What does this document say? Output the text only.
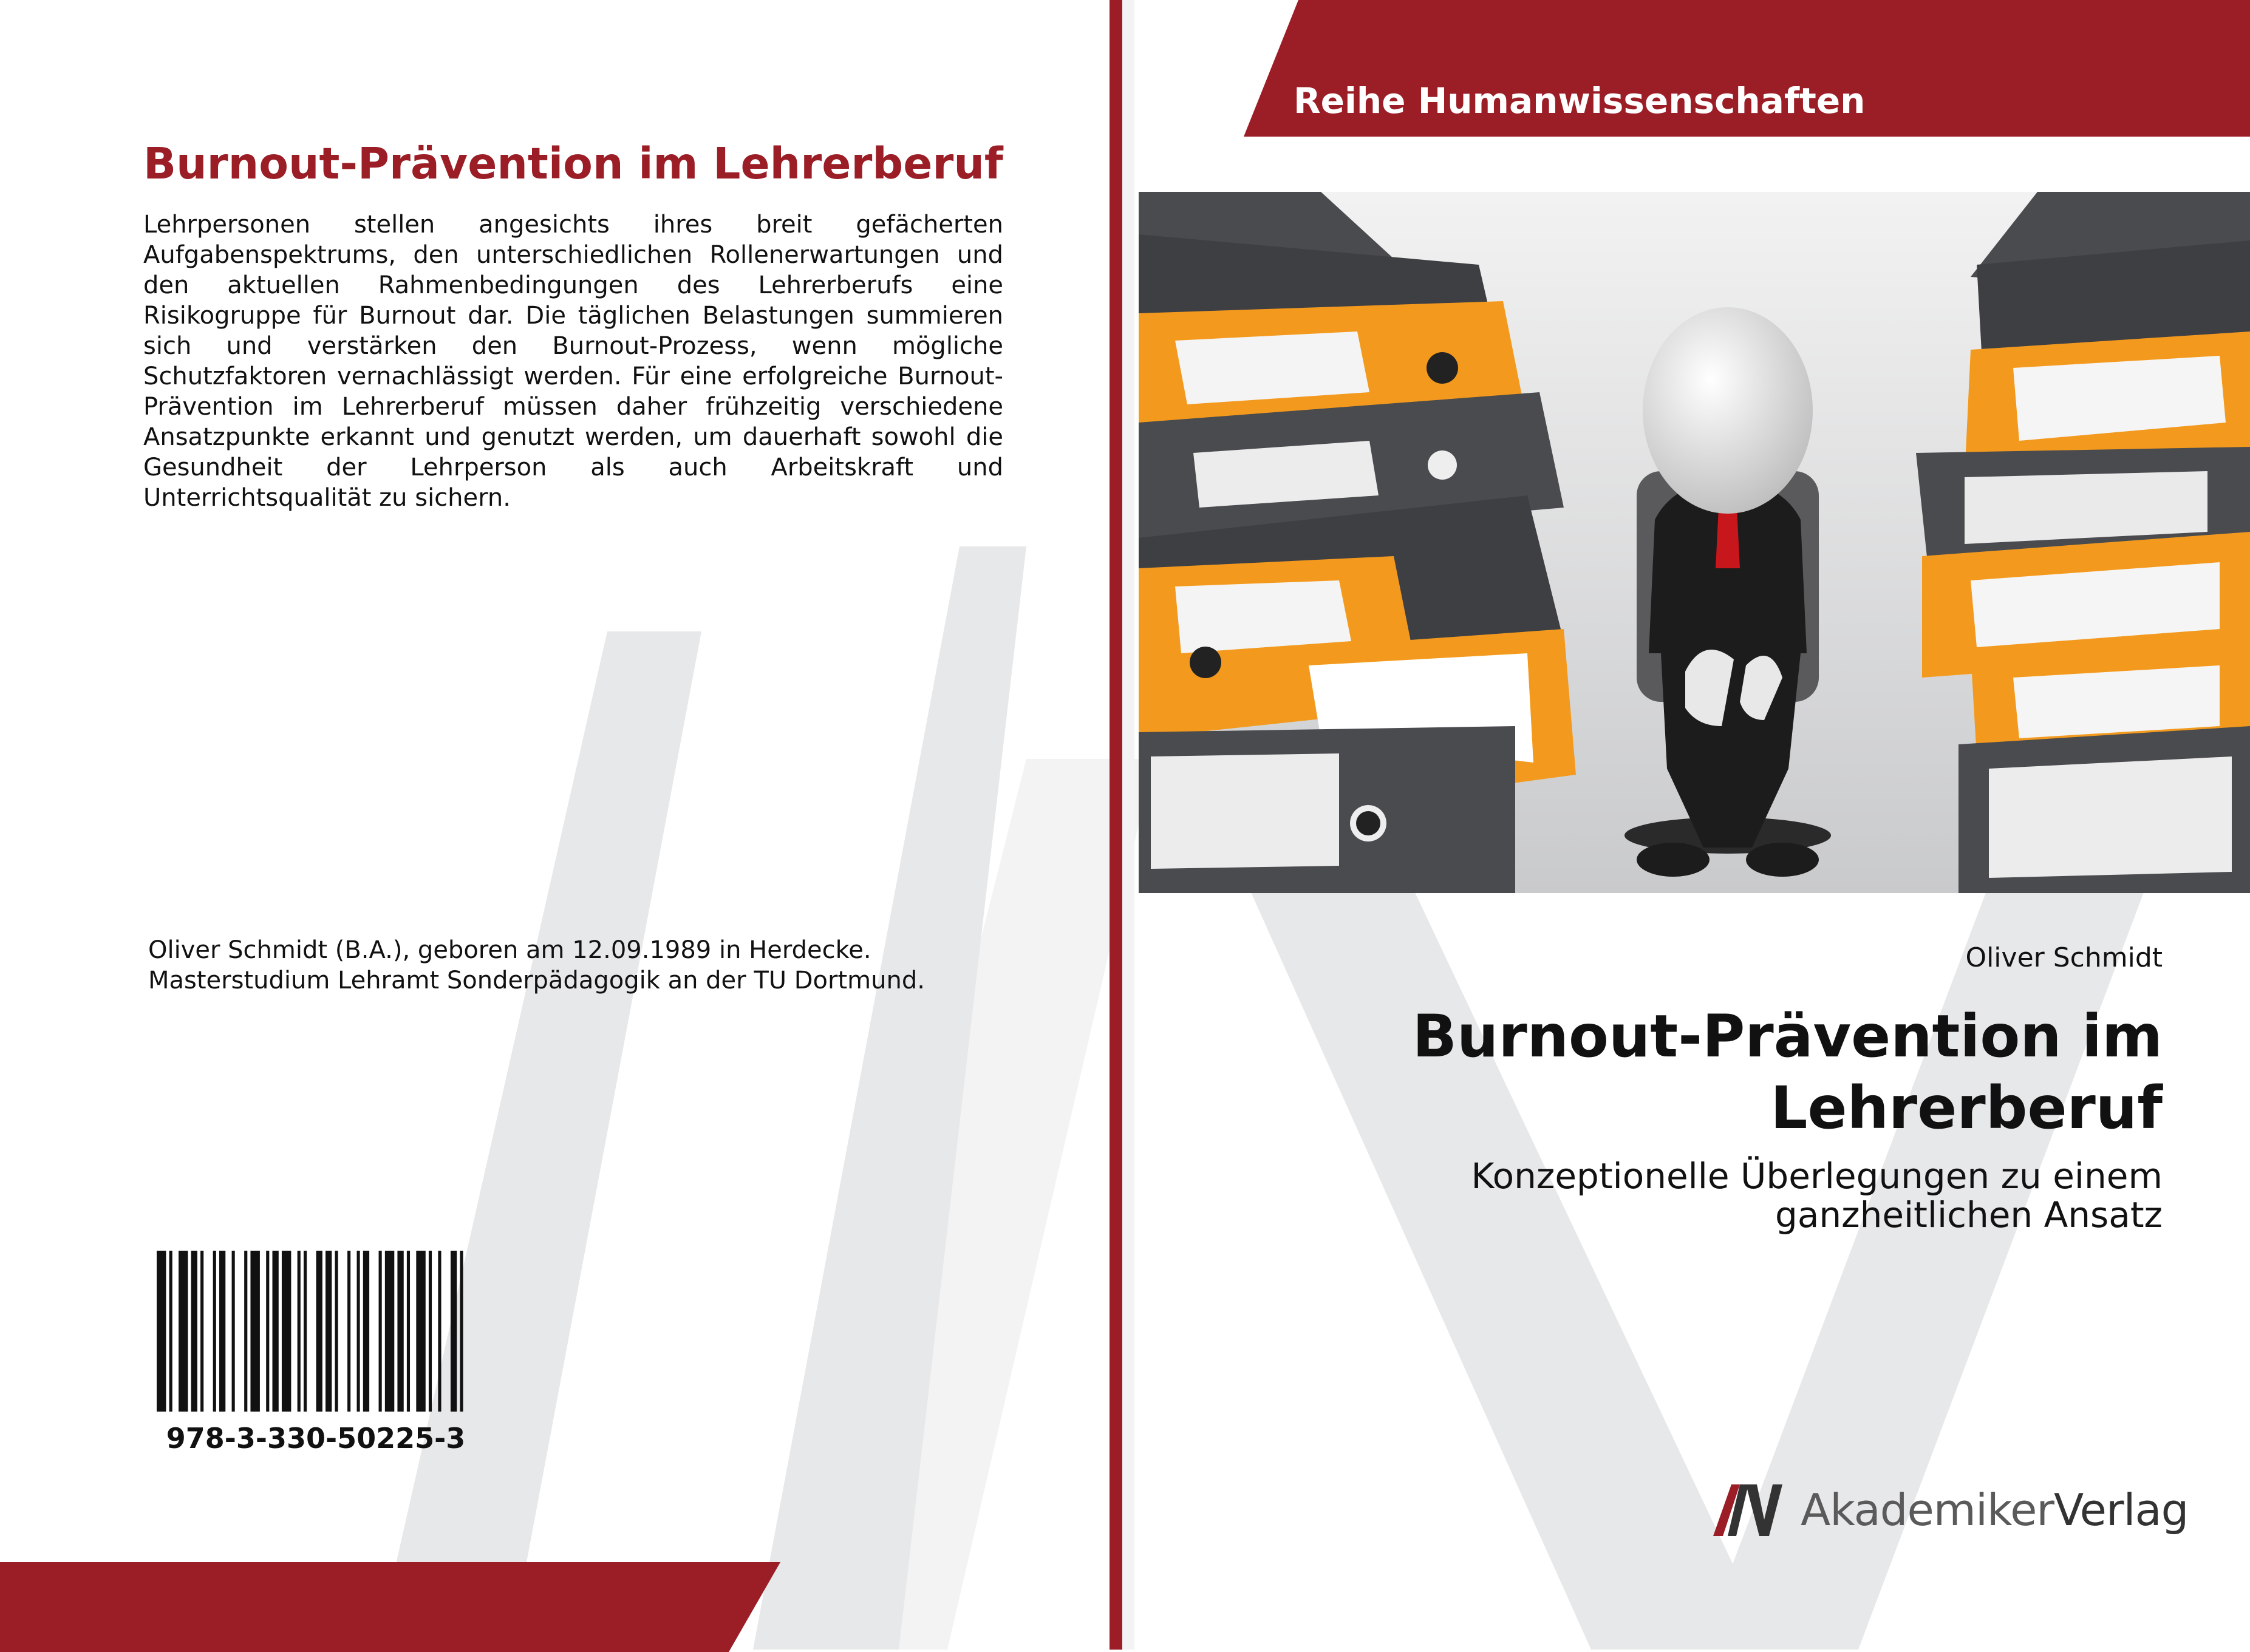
Burnout-Prävention im Lehrerberuf

Lehrpersonen stellen angesichts ihres breit gefächerten Aufgabenspektrums, den unterschiedlichen Rollenerwartungen und den aktuellen Rahmenbedingungen des Lehrerberufs eine Risikogruppe für Burnout dar. Die täglichen Belastungen summieren sich und verstärken den Burnout-Prozess, wenn mögliche Schutzfaktoren vernachlässigt werden. Für eine erfolgreiche Burnout-Prävention im Lehrerberuf müssen daher frühzeitig verschiedene Ansatzpunkte erkannt und genutzt werden, um dauerhaft sowohl die Gesundheit der Lehrperson als auch Arbeitskraft und Unterrichtsqualität zu sichern.

Oliver Schmidt (B.A.), geboren am 12.09.1989 in Herdecke.
Masterstudium Lehramt Sonderpädagogik an der TU Dortmund.
978-3-330-50225-3
Reihe Humanwissenschaften
Oliver Schmidt
Burnout-Prävention im
Lehrerberuf

Konzeptionelle Überlegungen zu einem
ganzheitlichen Ansatz

AkademikerVerlag
